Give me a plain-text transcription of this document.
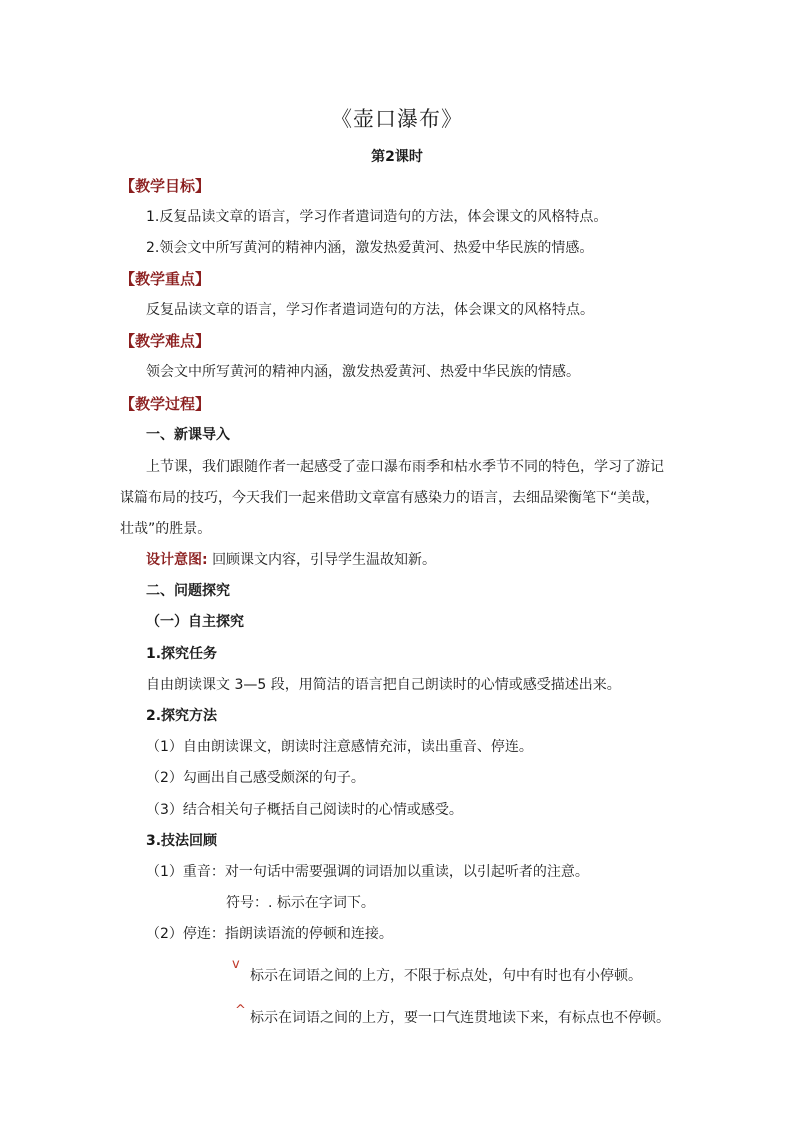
《壶口瀑布》
第2课时
【教学目标】
1.反复品读文章的语言，学习作者遣词造句的方法，体会课文的风格特点。
2.领会文中所写黄河的精神内涵，激发热爱黄河、热爱中华民族的情感。
【教学重点】
反复品读文章的语言，学习作者遣词造句的方法，体会课文的风格特点。
【教学难点】
领会文中所写黄河的精神内涵，激发热爱黄河、热爱中华民族的情感。
【教学过程】
一、新课导入
上节课，我们跟随作者一起感受了壶口瀑布雨季和枯水季节不同的特色，学习了游记
谋篇布局的技巧，今天我们一起来借助文章富有感染力的语言，去细品梁衡笔下“美哉，
壮哉”的胜景。
设计意图: 回顾课文内容，引导学生温故知新。
二、问题探究
（一）自主探究
1.探究任务
自由朗读课文 3—5 段，用简洁的语言把自己朗读时的心情或感受描述出来。
2.探究方法
（1）自由朗读课文，朗读时注意感情充沛，读出重音、停连。
（2）勾画出自己感受颇深的句子。
（3）结合相关句子概括自己阅读时的心情或感受。
3.技法回顾
（1）重音：对一句话中需要强调的词语加以重读，以引起听者的注意。
符号：. 标示在字词下。
（2）停连：指朗读语流的停顿和连接。
v
标示在词语之间的上方，不限于标点处，句中有时也有小停顿。
^ 标示在词语之间的上方，要一口气连贯地读下来，有标点也不停顿。
